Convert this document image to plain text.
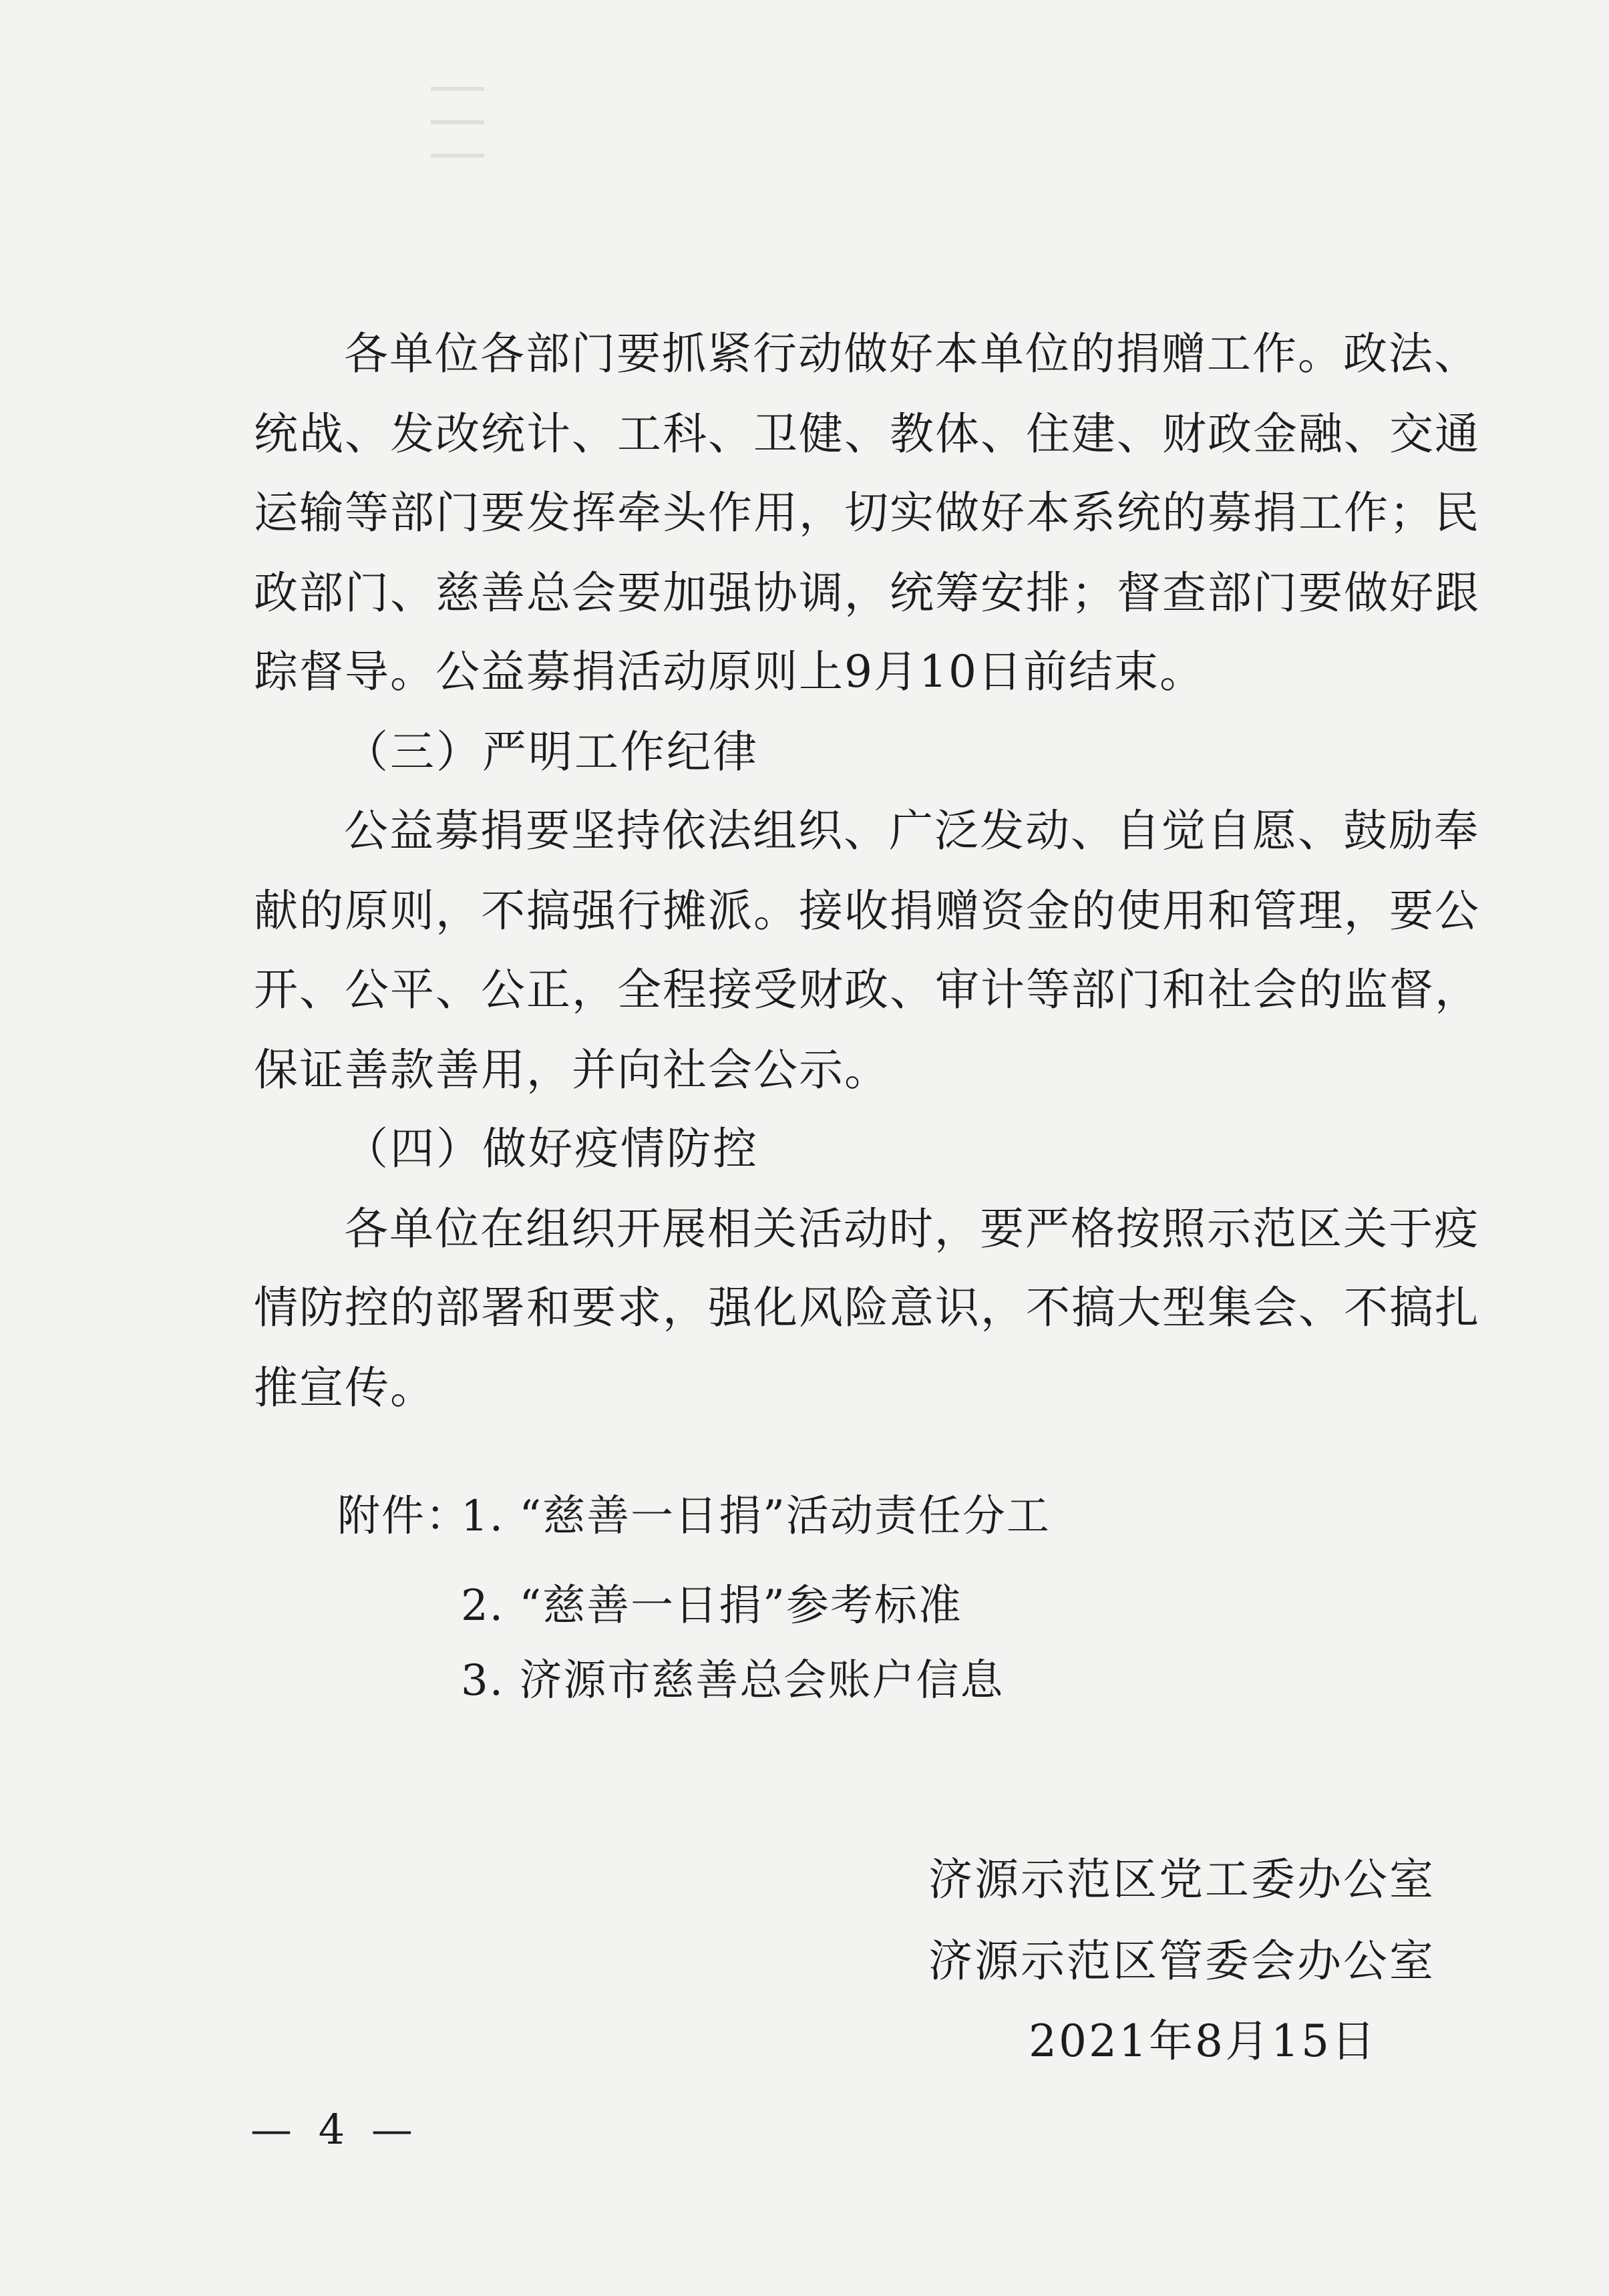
各单位各部门要抓紧行动做好本单位的捐赠工作。政法、
统战、发改统计、工科、卫健、教体、住建、财政金融、交通
运输等部门要发挥牵头作用，切实做好本系统的募捐工作；民
政部门、慈善总会要加强协调，统筹安排；督查部门要做好跟
踪督导。公益募捐活动原则上9月10日前结束。
（三）严明工作纪律
公益募捐要坚持依法组织、广泛发动、自觉自愿、鼓励奉
献的原则，不搞强行摊派。接收捐赠资金的使用和管理，要公
开、公平、公正，全程接受财政、审计等部门和社会的监督，
保证善款善用，并向社会公示。
（四）做好疫情防控
各单位在组织开展相关活动时，要严格按照示范区关于疫
情防控的部署和要求，强化风险意识，不搞大型集会、不搞扎
推宣传。
附件：
1. “慈善一日捐”活动责任分工
2. “慈善一日捐”参考标准
3. 济源市慈善总会账户信息
济源示范区党工委办公室
济源示范区管委会办公室
2021年8月15日
— 4 —
